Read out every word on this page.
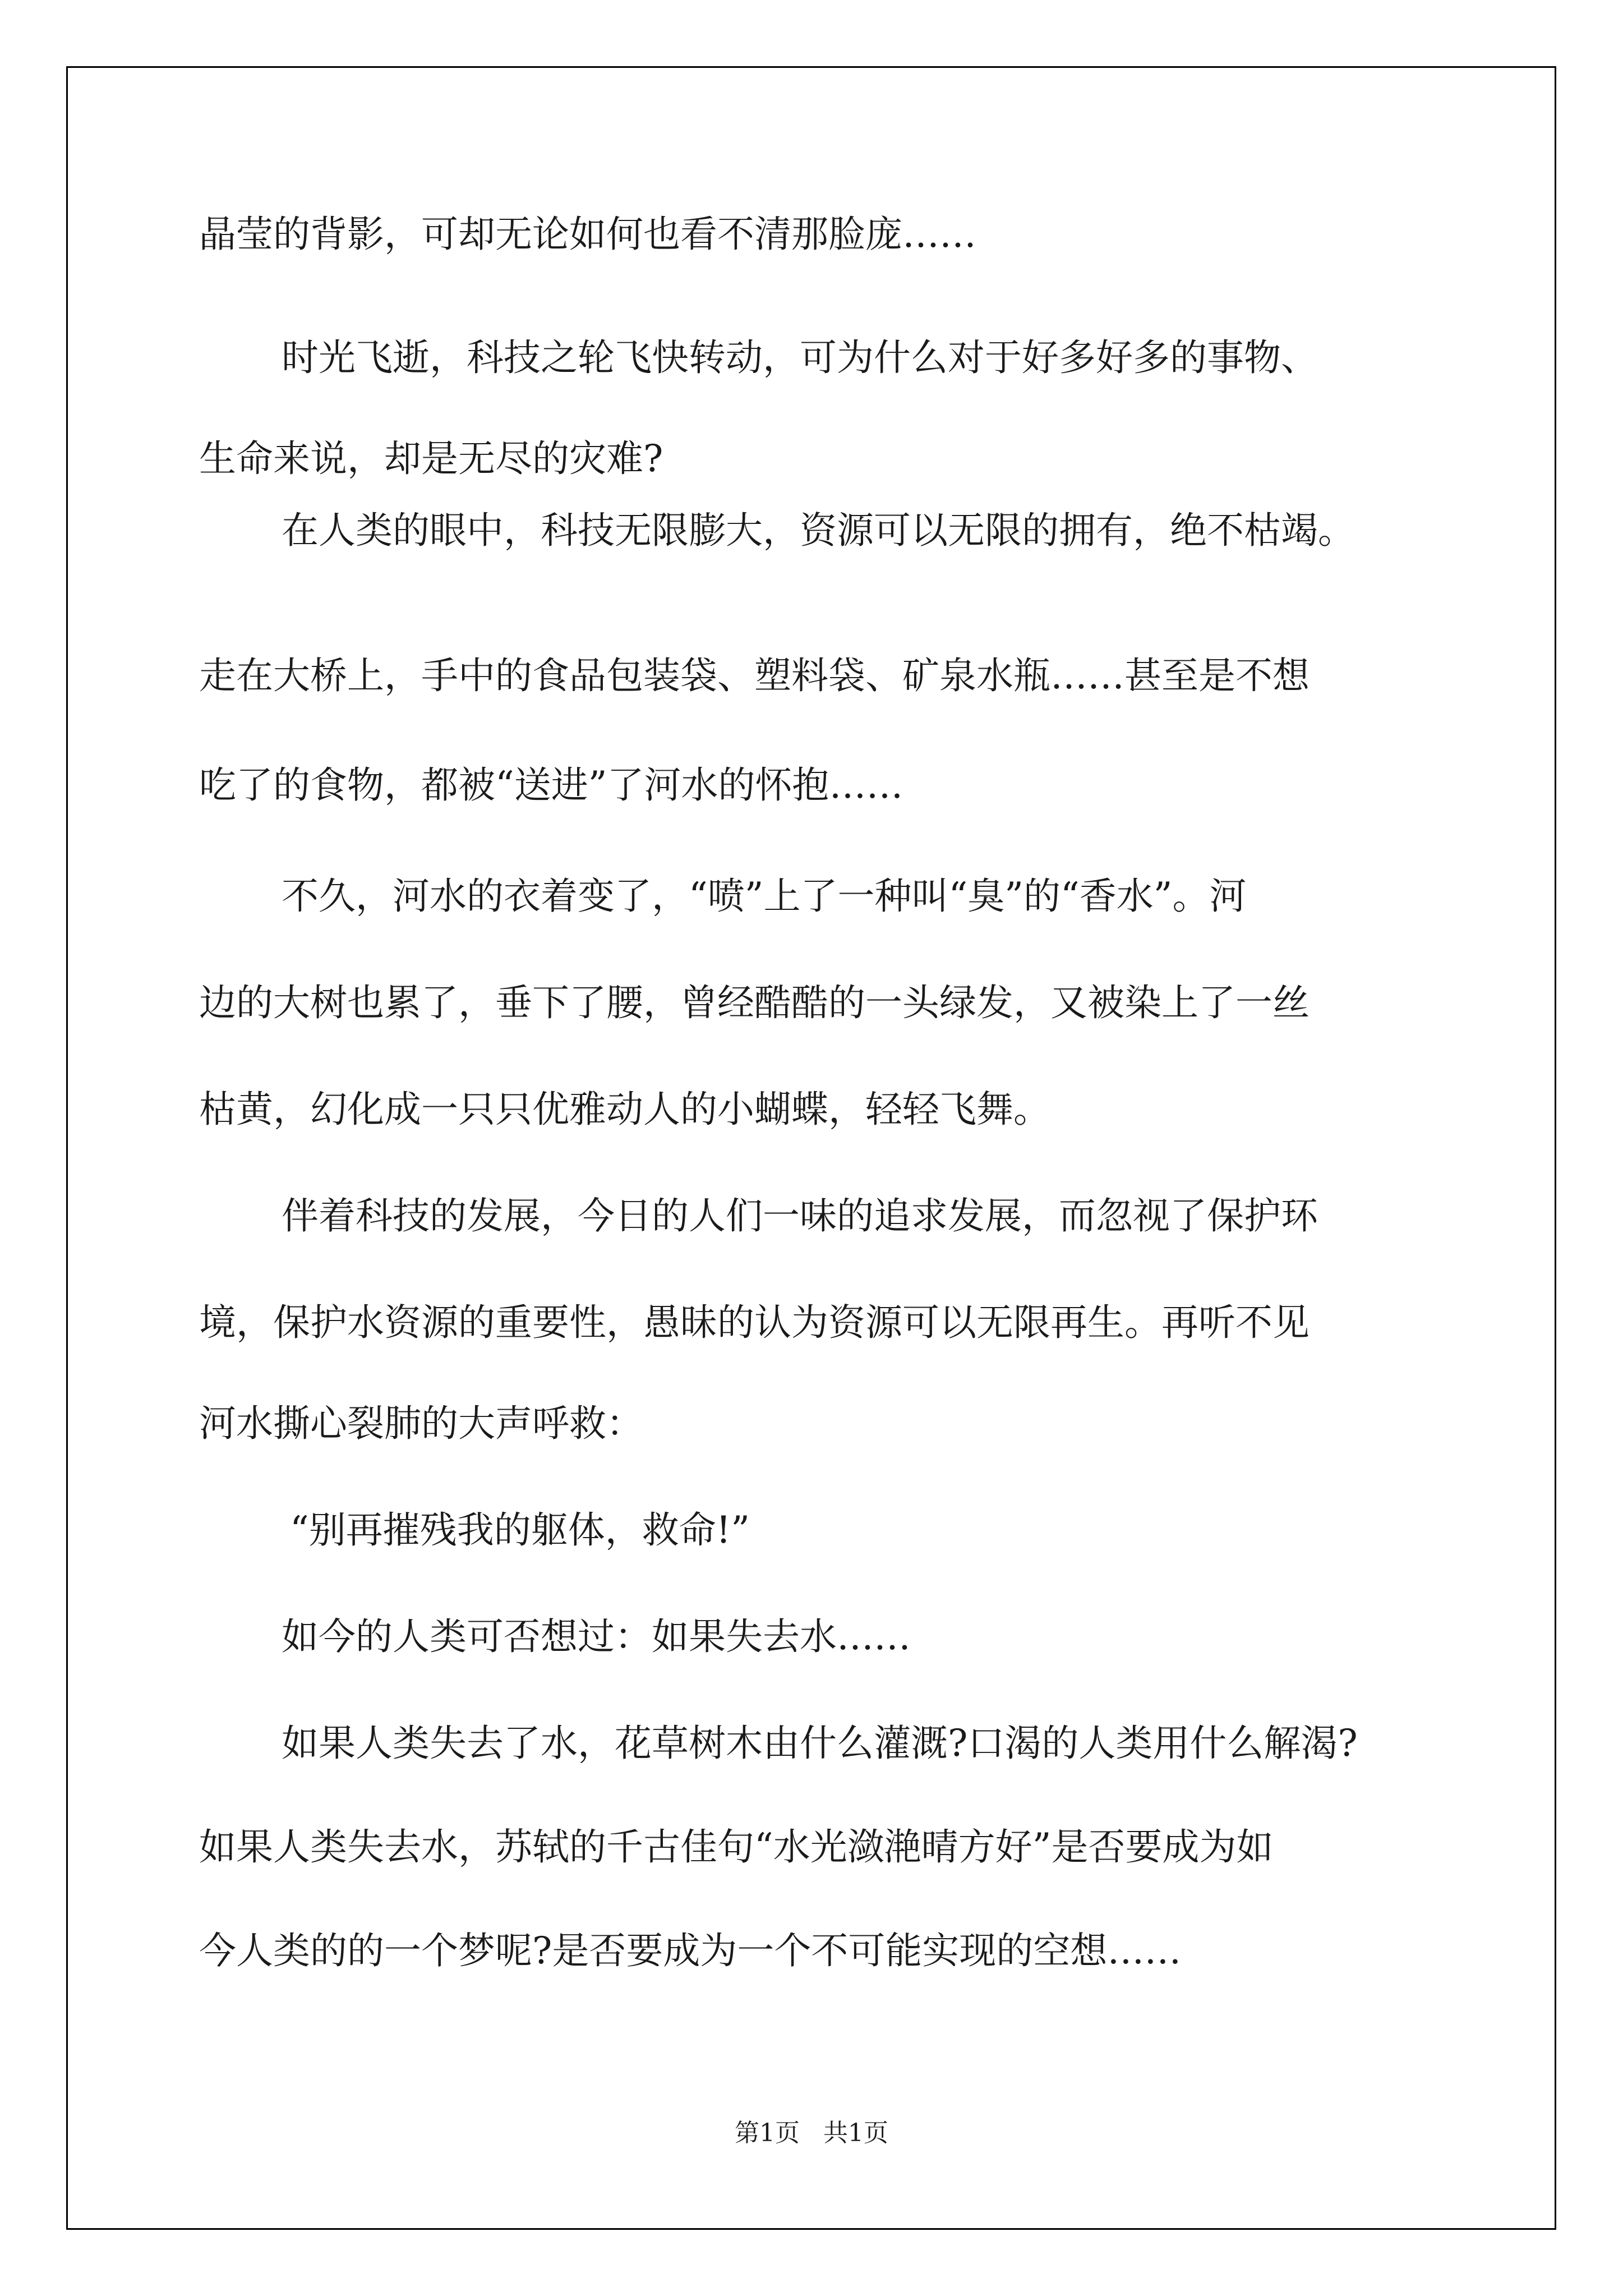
晶莹的背影，可却无论如何也看不清那脸庞……

时光飞逝，科技之轮飞快转动，可为什么对于好多好多的事物、

生命来说，却是无尽的灾难?

在人类的眼中，科技无限膨大，资源可以无限的拥有，绝不枯竭。

走在大桥上，手中的食品包装袋、塑料袋、矿泉水瓶……甚至是不想

吃了的食物，都被“送进”了河水的怀抱……

不久，河水的衣着变了，“喷”上了一种叫“臭”的“香水”。河

边的大树也累了，垂下了腰，曾经酷酷的一头绿发，又被染上了一丝

枯黄，幻化成一只只优雅动人的小蝴蝶，轻轻飞舞。

伴着科技的发展，今日的人们一味的追求发展，而忽视了保护环

境，保护水资源的重要性，愚昧的认为资源可以无限再生。再听不见

河水撕心裂肺的大声呼救：

“别再摧残我的躯体，救命!”

如今的人类可否想过：如果失去水……

如果人类失去了水，花草树木由什么灌溉?口渴的人类用什么解渴?

如果人类失去水，苏轼的千古佳句“水光潋滟晴方好”是否要成为如

今人类的的一个梦呢?是否要成为一个不可能实现的空想……

第1页   共1页
